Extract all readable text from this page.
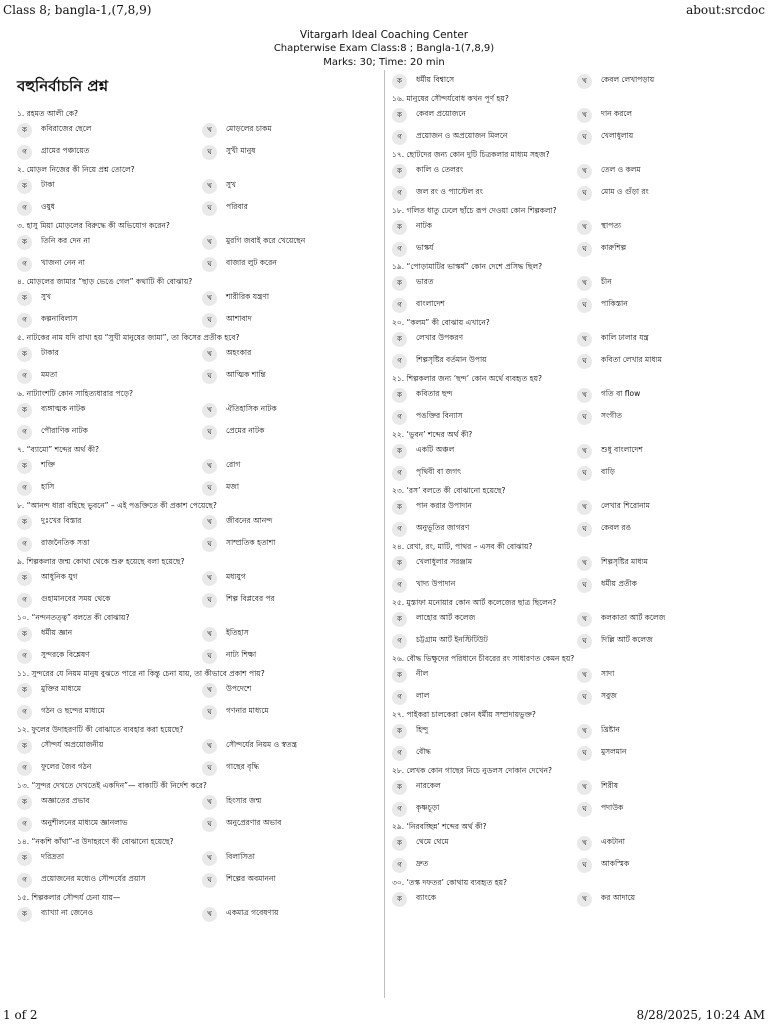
Class 8; bangla-1,(7,8,9)	about:srcdoc
Vitargarh Ideal Coaching Center
Chapterwise Exam Class:8 ; Bangla-1(7,8,9)
Marks: 30; Time: 20 min
বহুনির্বাচনি প্রশ্ন
১. রহমত আলী কে?
ক	কবিরাজের ছেলে	খ	মোড়লের চাকম
গ	গ্রামের পঞ্চায়েত	ঘ	সুখী মানুষ
২. মোড়ল নিজের কী নিয়ে প্রশ্ন তোলে?
ক	টাকা	খ	সুখ
গ	ওষুধ	ঘ	পরিবার
৩. হাসু মিয়া মোড়লের বিরুদ্ধে কী অভিযোগ করেন?
ক	তিনি কর দেন না	খ	মুরগি জবাই করে খেয়েছেন
গ	খাজনা নেন না	ঘ	বাজার লুট করেন
৪. মোড়লের জামার “ছাড় ভেঙে গেল” কথাটি কী বোঝায়?
ক	সুখ	খ	শারীরিক যন্ত্রণা
গ	কল্পনাবিলাস	ঘ	আশাবাদ
৫. নাটকের নাম যদি রাখা হয় “সুখী মানুষের জামা”, তা কিসের প্রতীক হবে?
ক	টাকার	খ	অহংকার
গ	মমতা	ঘ	আত্মিক শান্তি
৬. নাট্যাংশটি কোন সাহিত্যধারার পড়ে?
ক	ব্যঙ্গাত্মক নাটক	খ	ঐতিহাসিক নাটক
গ	পৌরাণিক নাটক	ঘ	প্রেমের নাটক
৭. “ব্যামো” শব্দের অর্থ কী?
ক	শক্তি	খ	রোগ
গ	হাসি	ঘ	মজা
৮. “আনন্দ ধারা বহিছে ভুবনে” – এই পঙক্তিতে কী প্রকাশ পেয়েছে?
ক	দুঃখের বিস্তার	খ	জীবনের আনন্দ
গ	রাজনৈতিক সত্তা	ঘ	সাম্প্রতিক হতাশা
৯. শিল্পকলার জন্ম কোথা থেকে শুরু হয়েছে বলা হয়েছে?
ক	আধুনিক যুগ	খ	মধ্যযুগ
গ	গুহামানবের সময় থেকে	ঘ	শিল্প বিপ্লবের পর
১০. “নন্দনতত্ত্ব” বলতে কী বোঝায়?
ক	ধর্মীয় জ্ঞান	খ	ইতিহাস
গ	সুন্দরকে বিশ্লেষণ	ঘ	নাট্য শিক্ষা
১১. সুন্দরের যে নিয়ম মানুষ বুঝতে পারে না কিন্তু চেনা যায়, তা কীভাবে প্রকাশ পায়?
ক	মুক্তির মাধ্যমে	খ	উপদেশে
গ	গঠন ও ছন্দের মাধ্যমে	ঘ	গণনার মাধ্যমে
১২. ফুলের উদাহরণটি কী বোঝাতে ব্যবহার করা হয়েছে?
ক	সৌন্দর্য অপ্রয়োজনীয়	খ	সৌন্দর্যের নিয়ম ও স্বতন্ত্র
গ	ফুলের জৈব গঠন	ঘ	গাছের বৃদ্ধি
১৩. “সুন্দর দেখতে দেখতেই একদিন”— বাক্যটি কী নির্দেশ করে?
ক	অজ্ঞাতের প্রভাব	খ	হিংসার জন্ম
গ	অনুশীলনের মাধ্যমে জ্ঞানলাভ	ঘ	অনুপ্রেরণার অভাব
১৪. “নকশি কাঁথা”-র উদাহরণে কী বোঝানো হয়েছে?
ক	দরিদ্রতা	খ	বিলাসিতা
গ	প্রয়োজনের মধ্যেও সৌন্দর্যের প্রয়াস	ঘ	শিল্পের অবমাননা
১৫. শিল্পকলার সৌন্দর্য চেনা যায়—
ক	ব্যাখ্যা না জেনেও	খ	একমাত্র গবেষণায়
ক	ধর্মীয় বিশ্বাসে	খ	কেবল লেখাপড়ায়
১৬. মানুষের সৌন্দর্যবোধ কখন পূর্ণ হয়?
ক	কেবল প্রয়োজনে	খ	দান করলে
গ	প্রয়োজন ও অপ্রয়োজন মিলনে	ঘ	খেলাধুলায়
১৭. ছোটদের জন্য কোন দুটি চিত্রকলার মাধ্যম সহজ?
ক	কালি ও তেলরং	খ	তেল ও কলম
গ	জল রং ও প্যাস্টেল রং	ঘ	মোম ও গুঁড়া রং
১৮. গলিত ধাতু ঢেলে ছাঁচে রূপ দেওয়া কোন শিল্পকলা?
ক	নাটক	খ	স্থাপত্য
গ	ভাস্কর্য	ঘ	কারুশিল্প
১৯. “পোড়ামাটির ভাস্কর্য” কোন দেশে প্রসিদ্ধ ছিল?
ক	ভারত	খ	চীন
গ	বাংলাদেশ	ঘ	পাকিস্তান
২০. “কলম” কী বোঝায় এখানে?
ক	লেখার উপকরণ	খ	কালি ঢালার যন্ত্র
গ	শিল্পসৃষ্টির বর্তমান উপায়	ঘ	কবিতা লেখার মাধ্যম
২১. শিল্পকলার জন্য ‘ছন্দ’ কোন অর্থে ব্যবহৃত হয়?
ক	কবিতার ছন্দ	খ	গতি বা flow
গ	পঙক্তির বিন্যাস	ঘ	সংগীত
২২. ‘ভুবন’ শব্দের অর্থ কী?
ক	একটি অঞ্চল	খ	শুধু বাংলাদেশ
গ	পৃথিবী বা জগৎ	ঘ	বাড়ি
২৩. ‘রস’ বলতে কী বোঝানো হয়েছে?
ক	পান করার উপাদান	খ	লেখার শিরোনাম
গ	অনুভূতির জাগরণ	ঘ	কেবল রঙ
২৪. রেখা, রং, মাটি, পাথর – এসব কী বোঝায়?
ক	খেলাধুলার সরঞ্জাম	খ	শিল্পসৃষ্টির মাধ্যম
গ	খাদ্য উপাদান	ঘ	ধর্মীয় প্রতীক
২৫. মুস্তাফা মনোয়ার কোন আর্ট কলেজের ছাত্র ছিলেন?
ক	লাহোর আর্ট কলেজ	খ	কলকাতা আর্ট কলেজ
গ	চট্টগ্রাম আর্ট ইনস্টিটিউট	ঘ	দিল্লি আর্ট কলেজ
২৬. বৌদ্ধ ভিক্ষুদের পরিধানে চীবরের রং সাধারণত কেমন হয়?
ক	নীল	খ	সাদা
গ	লাল	ঘ	সবুজ
২৭. পাইকরা চালকেরা কোন ধর্মীয় সম্প্রদায়ভুক্ত?
ক	হিন্দু	খ	খ্রিষ্টান
গ	বৌদ্ধ	ঘ	মুসলমান
২৮. লেখক কোন গাছের নিচে নুডলস দোকান দেখেন?
ক	নারকেল	খ	শিরীষ
গ	কৃষ্ণচূড়া	ঘ	পদাউক
২৯. ‘নিরবচ্ছিন্ন’ শব্দের অর্থ কী?
ক	থেমে থেমে	খ	একটানা
গ	দ্রুত	ঘ	আকস্মিক
৩০. ‘তস্ক দফতর’ কোথায় ব্যবহৃত হয়?
ক	ব্যাংকে	খ	কর আদায়ে
1 of 2	8/28/2025, 10:24 AM
